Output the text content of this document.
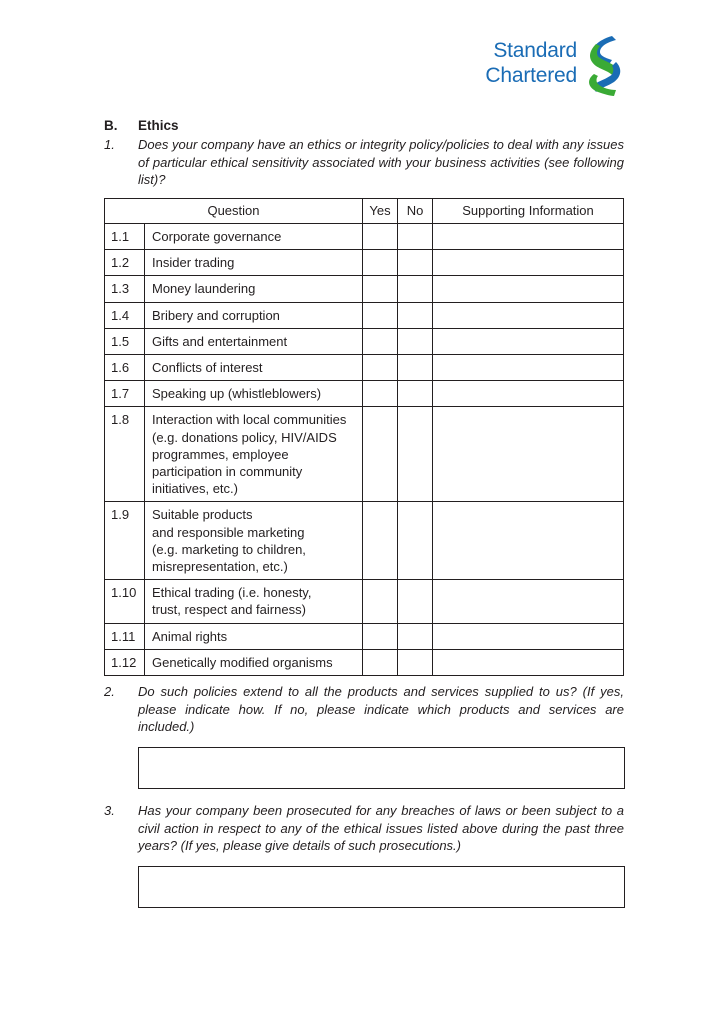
Standard
Chartered
B.	Ethics
1. Does your company have an ethics or integrity policy/policies to deal with any issues of particular ethical sensitivity associated with your business activities (see following list)?
Question		Yes	No	Supporting Information
1.1	Corporate governance			
1.2	Insider trading			
1.3	Money laundering			
1.4	Bribery and corruption			
1.5	Gifts and entertainment			
1.6	Conflicts of interest			
1.7	Speaking up (whistleblowers)			
1.8	Interaction with local communities
(e.g. donations policy, HIV/AIDS
programmes, employee
participation in community
initiatives, etc.)			

1.9	Suitable products
and responsible marketing
(e.g. marketing to children,
misrepresentation, etc.)			

1.10	Ethical trading (i.e. honesty,
trust, respect and fairness)			

1.11	Animal rights			
1.12	Genetically modified organisms			
2. Do such policies extend to all the products and services supplied to us? (If yes, please indicate how. If no, please indicate which products and services are included.)
3. Has your company been prosecuted for any breaches of laws or been subject to a civil action in respect to any of the ethical issues listed above during the past three years? (If yes, please give details of such prosecutions.)
